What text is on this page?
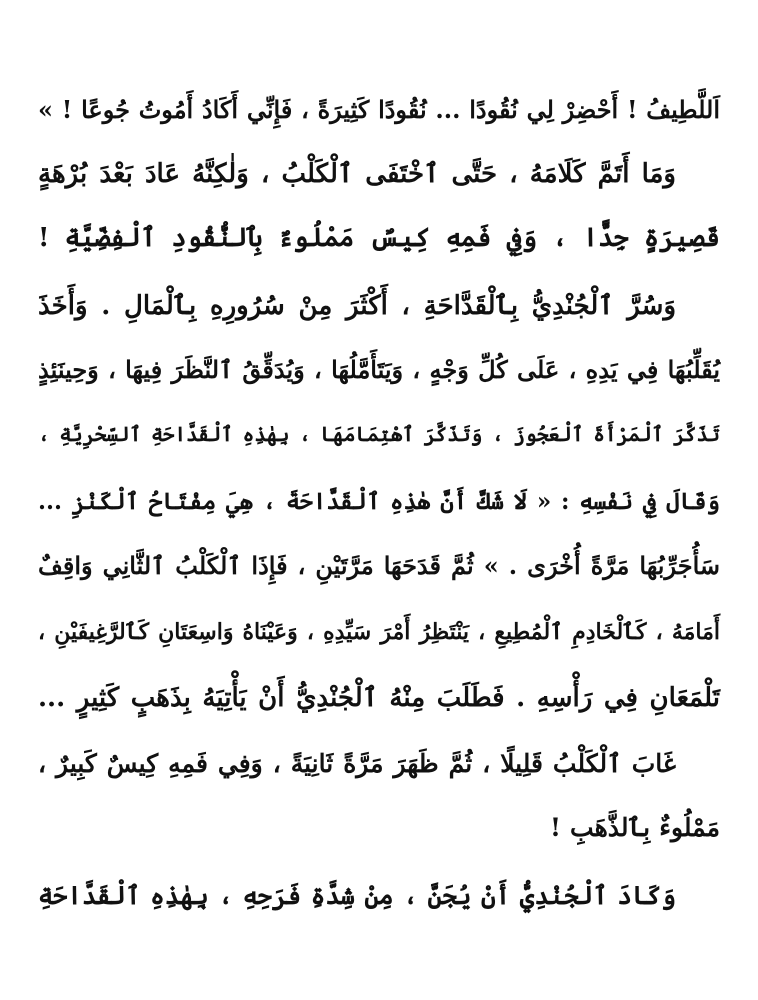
اَللَّطِيفُ ! أَحْضِرْ لِي نُقُودًا ... نُقُودًا كَثِيرَةً ، فَإِنِّي أَكَادُ أَمُوتُ جُوعًا ! »
وَمَا أَتَمَّ كَلَامَهُ ، حَتَّى ٱخْتَفَى ٱلْكَلْبُ ، وَلٰكِنَّهُ عَادَ بَعْدَ بُرْهَةٍ
قَصِيرَةٍ جِدًّا ، وَفِي فَمِهِ كِيسٌ مَمْلُوءٌ بِٱلنُّقُودِ ٱلْفِضِّيَّةِ !
وَسُرَّ ٱلْجُنْدِيُّ بِٱلْقَدَّاحَةِ ، أَكْثَرَ مِنْ سُرُورِهِ بِٱلْمَالِ . وَأَخَذَ
يُقَلِّبُهَا فِي يَدِهِ ، عَلَى كُلِّ وَجْهٍ ، وَيَتَأَمَّلُهَا ، وَيُدَقِّقُ ٱلنَّظَرَ فِيهَا ، وَحِينَئِذٍ
تَذَكَّرَ ٱلْمَرْأَةَ ٱلْعَجُوزَ ، وَتَذَكَّرَ ٱهْتِمَامَهَا ، بِهٰذِهِ ٱلْقَدَّاحَةِ ٱلسِّحْرِيَّةِ ،
وَقَالَ فِي نَفْسِهِ : « لَا شَكَّ أَنَّ هٰذِهِ ٱلْقَدَّاحَةَ ، هِيَ مِفْتَاحُ ٱلْكَنْزِ ...
سَأُجَرِّبُهَا مَرَّةً أُخْرَى . » ثُمَّ قَدَحَهَا مَرَّتَيْنِ ، فَإِذَا ٱلْكَلْبُ ٱلثَّانِي وَاقِفٌ
أَمَامَهُ ، كَٱلْخَادِمِ ٱلْمُطِيعِ ، يَنْتَظِرُ أَمْرَ سَيِّدِهِ ، وَعَيْنَاهُ وَاسِعَتَانِ كَٱلرَّغِيفَيْنِ ،
تَلْمَعَانِ فِي رَأْسِهِ . فَطَلَبَ مِنْهُ ٱلْجُنْدِيُّ أَنْ يَأْتِيَهُ بِذَهَبٍ كَثِيرٍ ...
غَابَ ٱلْكَلْبُ قَلِيلًا ، ثُمَّ ظَهَرَ مَرَّةً ثَانِيَةً ، وَفِي فَمِهِ كِيسٌ كَبِيرٌ ،
مَمْلُوءٌ بِٱلذَّهَبِ !
وَكَادَ ٱلْجُنْدِيُّ أَنْ يُجَنَّ ، مِنْ شِدَّةِ فَرَحِهِ ، بِهٰذِهِ ٱلْقَدَّاحَةِ
